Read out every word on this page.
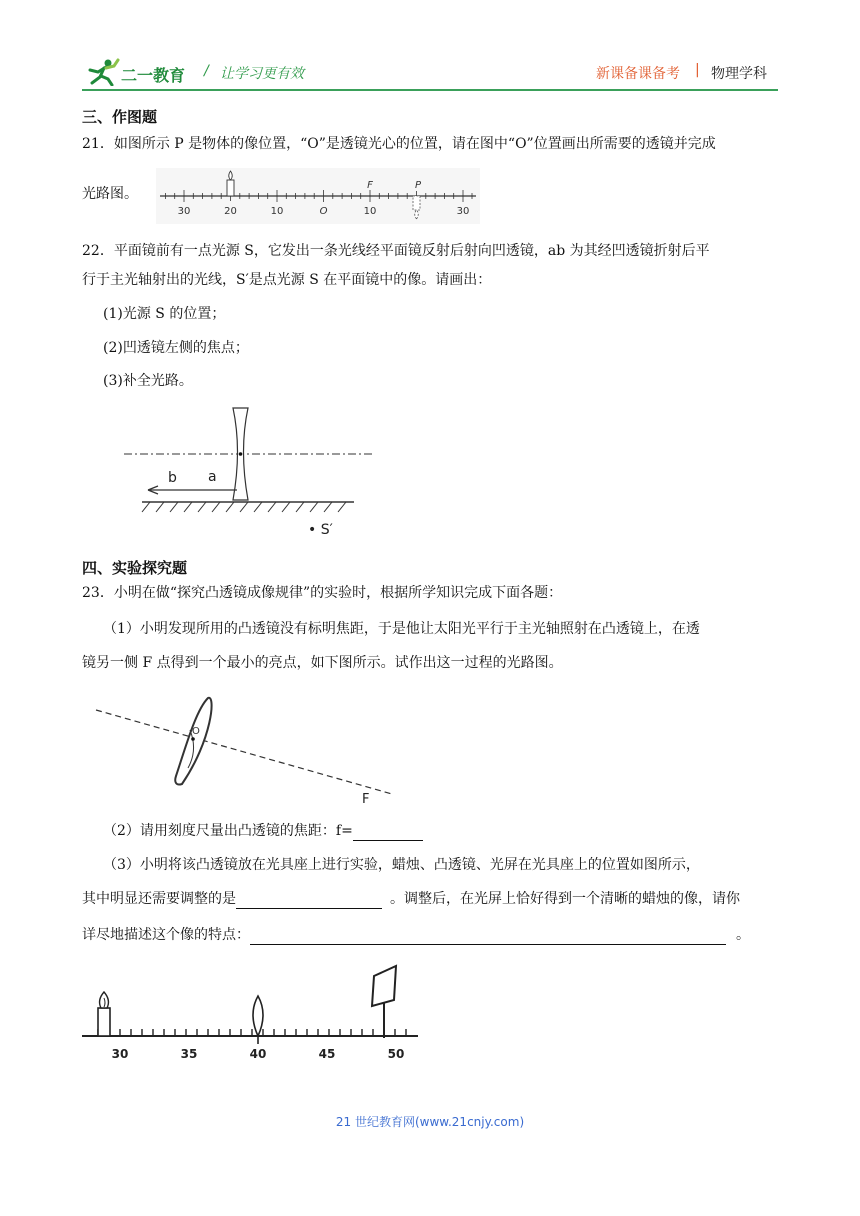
二一教育 / 让学习更有效	新课备课备考 | 物理学科
三、作图题
21．如图所示 P 是物体的像位置，“O”是透镜光心的位置，请在图中“O”位置画出所需要的透镜并完成
光路图。
30	20	10	O	10	30
F	P
22．平面镜前有一点光源 S，它发出一条光线经平面镜反射后射向凹透镜，ab 为其经凹透镜折射后平
行于主光轴射出的光线，S′是点光源 S 在平面镜中的像。请画出：
(1)光源 S 的位置；
(2)凹透镜左侧的焦点；
(3)补全光路。
b a
• S′
四、实验探究题
23．小明在做“探究凸透镜成像规律”的实验时，根据所学知识完成下面各题：
（1）小明发现所用的凸透镜没有标明焦距，于是他让太阳光平行于主光轴照射在凸透镜上，在透
镜另一侧 F 点得到一个最小的亮点，如下图所示。试作出这一过程的光路图。
O
F
（2）请用刻度尺量出凸透镜的焦距：f=
（3）小明将该凸透镜放在光具座上进行实验，蜡烛、凸透镜、光屏在光具座上的位置如图所示，
其中明显还需要调整的是	。调整后，在光屏上恰好得到一个清晰的蜡烛的像，请你
详尽地描述这个像的特点：	。
30	35	40	45	50
21 世纪教育网(www.21cnjy.com)
